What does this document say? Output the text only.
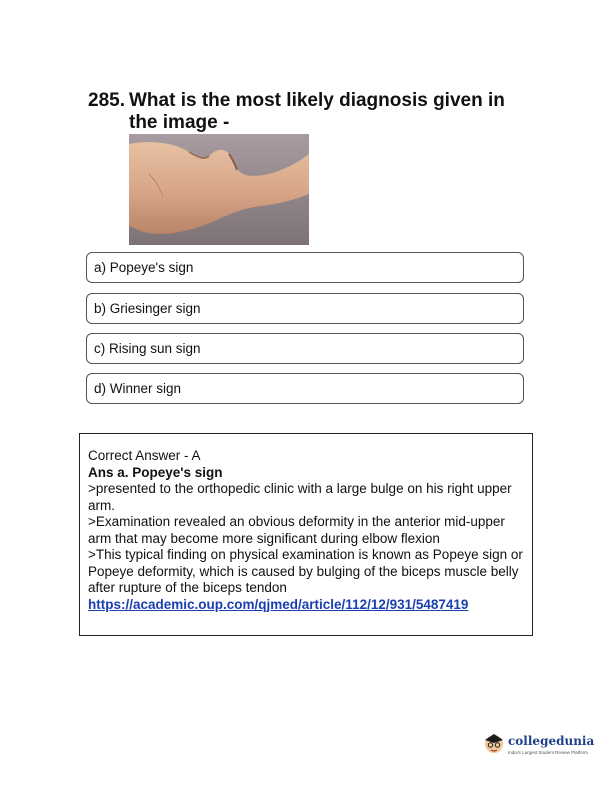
285. What is the most likely diagnosis given in the image -
a) Popeye's sign
b) Griesinger sign
c) Rising sun sign
d) Winner sign
Correct Answer - A
Ans a. Popeye's sign
>presented to the orthopedic clinic with a large bulge on his right upper arm.
>Examination revealed an obvious deformity in the anterior mid-upper arm that may become more significant during elbow flexion
>This typical finding on physical examination is known as Popeye sign or Popeye deformity, which is caused by bulging of the biceps muscle belly after rupture of the biceps tendon
https://academic.oup.com/qjmed/article/112/12/931/5487419
collegedunia
India's Largest Student Review Platform
